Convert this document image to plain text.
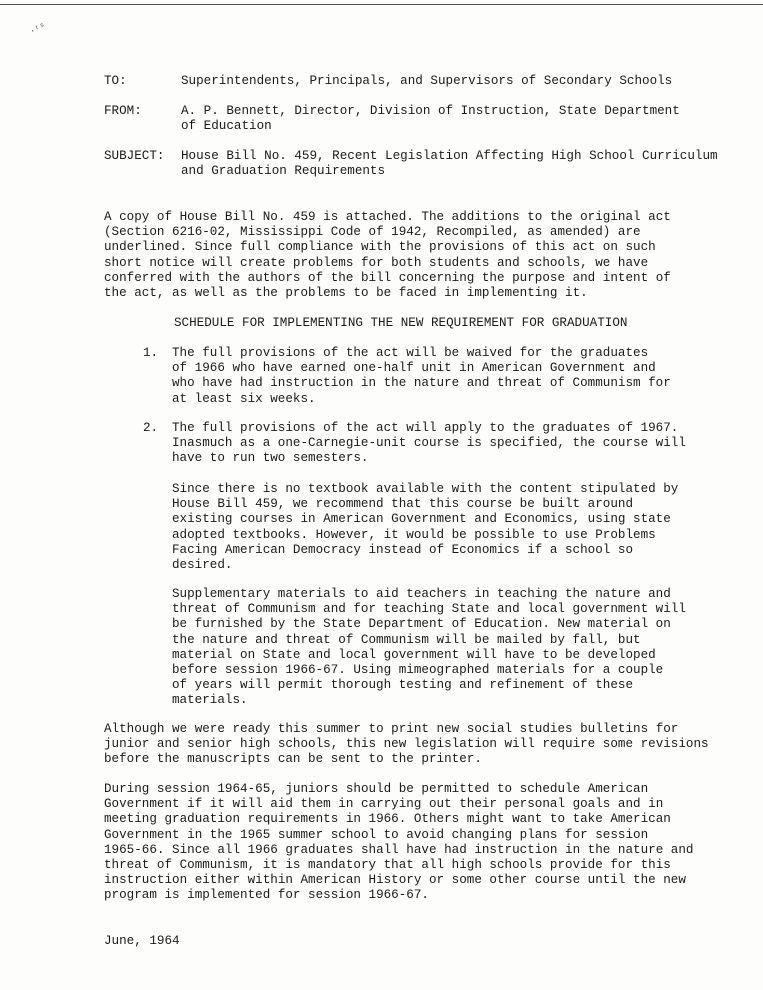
·ʳˢ
TO:	Superintendents, Principals, and Supervisors of Secondary Schools
FROM:	A. P. Bennett, Director, Division of Instruction, State Department
of Education
SUBJECT: House Bill No. 459, Recent Legislation Affecting High School Curriculum
and Graduation Requirements
A copy of House Bill No. 459 is attached. The additions to the original act
(Section 6216-02, Mississippi Code of 1942, Recompiled, as amended) are
underlined. Since full compliance with the provisions of this act on such
short notice will create problems for both students and schools, we have
conferred with the authors of the bill concerning the purpose and intent of
the act, as well as the problems to be faced in implementing it.
SCHEDULE FOR IMPLEMENTING THE NEW REQUIREMENT FOR GRADUATION
1. The full provisions of the act will be waived for the graduates
of 1966 who have earned one-half unit in American Government and
who have had instruction in the nature and threat of Communism for
at least six weeks.
2. The full provisions of the act will apply to the graduates of 1967.
Inasmuch as a one-Carnegie-unit course is specified, the course will
have to run two semesters.
Since there is no textbook available with the content stipulated by
House Bill 459, we recommend that this course be built around
existing courses in American Government and Economics, using state
adopted textbooks. However, it would be possible to use Problems
Facing American Democracy instead of Economics if a school so
desired.
Supplementary materials to aid teachers in teaching the nature and
threat of Communism and for teaching State and local government will
be furnished by the State Department of Education. New material on
the nature and threat of Communism will be mailed by fall, but
material on State and local government will have to be developed
before session 1966-67. Using mimeographed materials for a couple
of years will permit thorough testing and refinement of these
materials.
Although we were ready this summer to print new social studies bulletins for
junior and senior high schools, this new legislation will require some revisions
before the manuscripts can be sent to the printer.
During session 1964-65, juniors should be permitted to schedule American
Government if it will aid them in carrying out their personal goals and in
meeting graduation requirements in 1966. Others might want to take American
Government in the 1965 summer school to avoid changing plans for session
1965-66. Since all 1966 graduates shall have had instruction in the nature and
threat of Communism, it is mandatory that all high schools provide for this
instruction either within American History or some other course until the new
program is implemented for session 1966-67.
June, 1964
